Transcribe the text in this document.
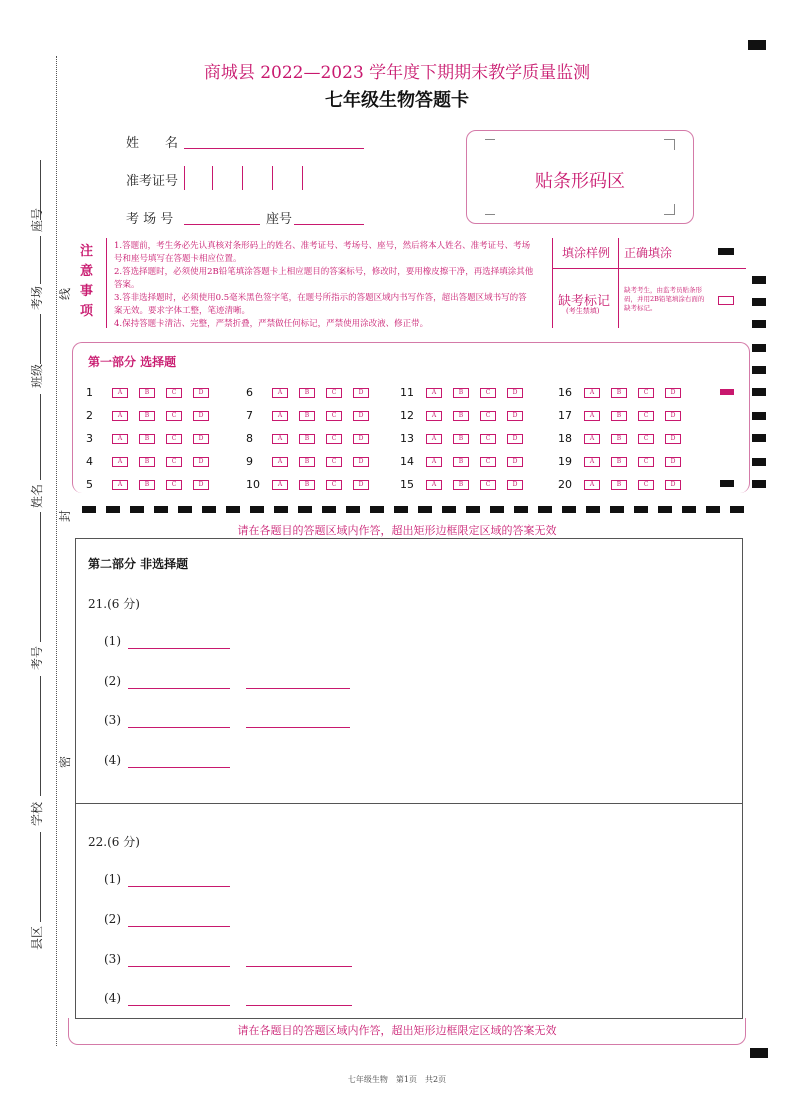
商城县 2022—2023 学年度下期期末教学质量监测
七年级生物答题卡
姓　　名
准考证号
考 场 号	座号
贴条形码区
注
意
事
项
1.答题前，考生务必先认真核对条形码上的姓名、准考证号、考场号、座号，然后将本人姓名、准考证号、考场号和座号填写在答题卡相应位置。
2.答选择题时，必须使用2B铅笔填涂答题卡上相应题目的答案标号，修改时，要用橡皮擦干净，再选择填涂其他答案。
3.答非选择题时，必须使用0.5毫米黑色签字笔，在题号所指示的答题区域内书写作答，超出答题区域书写的答案无效。要求字体工整，笔迹清晰。
4.保持答题卡清洁、完整，严禁折叠，严禁做任何标记，严禁使用涂改液、修正带。
填涂样例 正确填涂
缺考标记
(考生禁填)
缺考考生，由监考员贴条形码，并用2B铅笔填涂右面的缺考标记。
第一部分 选择题
1	A	B	C	D
2	A	B	C	D
3	A	B	C	D
4	A	B	C	D
5	A	B	C	D
6	A	B	C	D
7	A	B	C	D
8	A	B	C	D
9	A	B	C	D
10	A	B	C	D
11	A	B	C	D
12	A	B	C	D
13	A	B	C	D
14	A	B	C	D
15	A	B	C	D
16	A	B	C	D
17	A	B	C	D
18	A	B	C	D
19	A	B	C	D
20	A	B	C	D
请在各题目的答题区域内作答，超出矩形边框限定区域的答案无效
第二部分 非选择题
21.(6 分)
(1)
(2)
(3)
(4)
22.(6 分)
(1)
(2)
(3)
(4)
请在各题目的答题区域内作答，超出矩形边框限定区域的答案无效
座号
考场 线
班级
姓名
封
考号
密
学校
县区
七年级生物　第1页　共2页
